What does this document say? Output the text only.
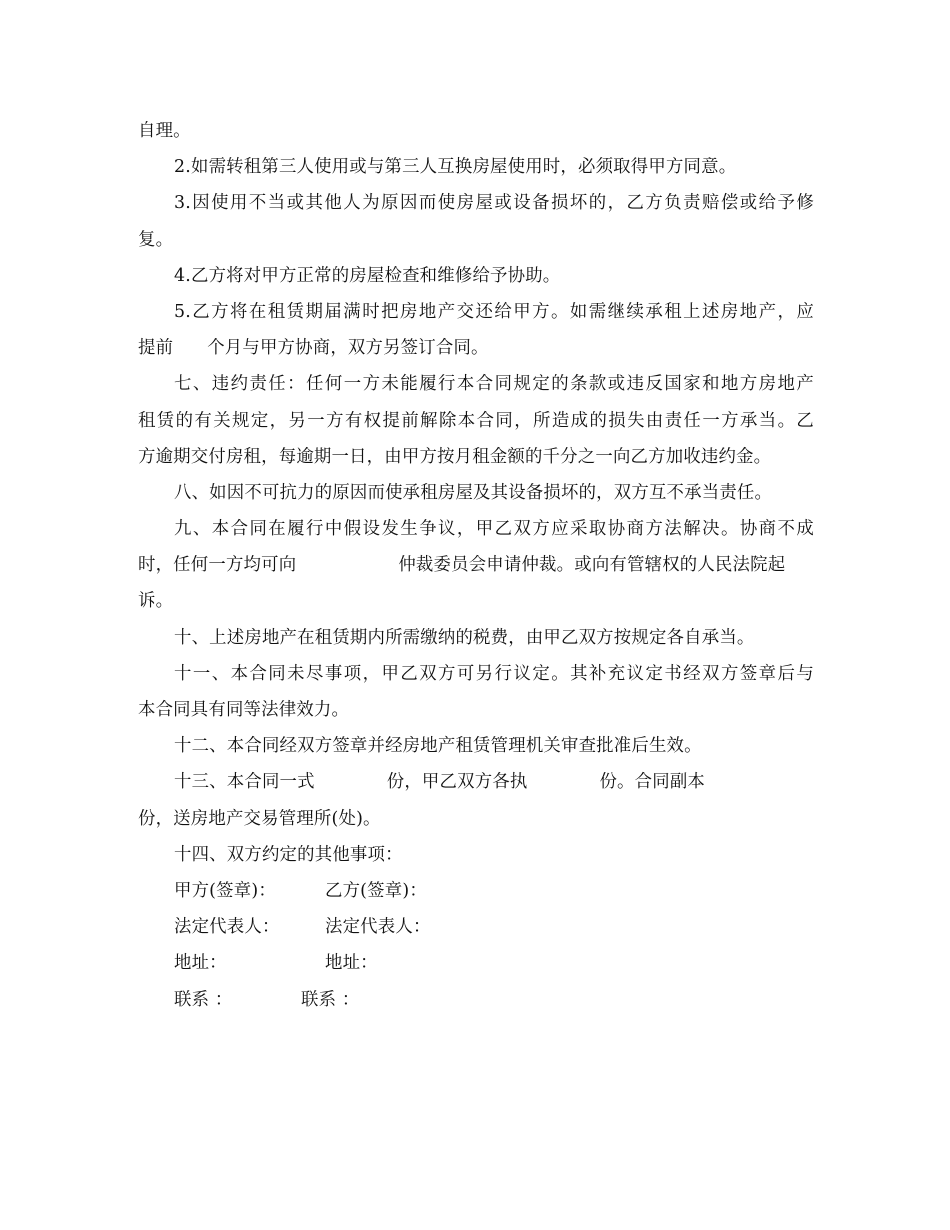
自理。
2.如需转租第三人使用或与第三人互换房屋使用时，必须取得甲方同意。
3.因使用不当或其他人为原因而使房屋或设备损坏的，乙方负责赔偿或给予修
复。
4.乙方将对甲方正常的房屋检查和维修给予协助。
5.乙方将在租赁期届满时把房地产交还给甲方。如需继续承租上述房地产，应
提前 个月与甲方协商，双方另签订合同。
七、违约责任：任何一方未能履行本合同规定的条款或违反国家和地方房地产
租赁的有关规定，另一方有权提前解除本合同，所造成的损失由责任一方承当。乙
方逾期交付房租，每逾期一日，由甲方按月租金额的千分之一向乙方加收违约金。
八、如因不可抗力的原因而使承租房屋及其设备损坏的，双方互不承当责任。
九、本合同在履行中假设发生争议，甲乙双方应采取协商方法解决。协商不成
时，任何一方均可向	仲裁委员会申请仲裁。或向有管辖权的人民法院起
诉。
十、上述房地产在租赁期内所需缴纳的税费，由甲乙双方按规定各自承当。
十一、本合同未尽事项，甲乙双方可另行议定。其补充议定书经双方签章后与
本合同具有同等法律效力。
十二、本合同经双方签章并经房地产租赁管理机关审查批准后生效。
十三、本合同一式	份，甲乙双方各执	份。合同副本
份，送房地产交易管理所(处)。
十四、双方约定的其他事项：
甲方(签章)：	乙方(签章)：
法定代表人：	法定代表人：
地址：	地址：
联系 ：	联系 ：
